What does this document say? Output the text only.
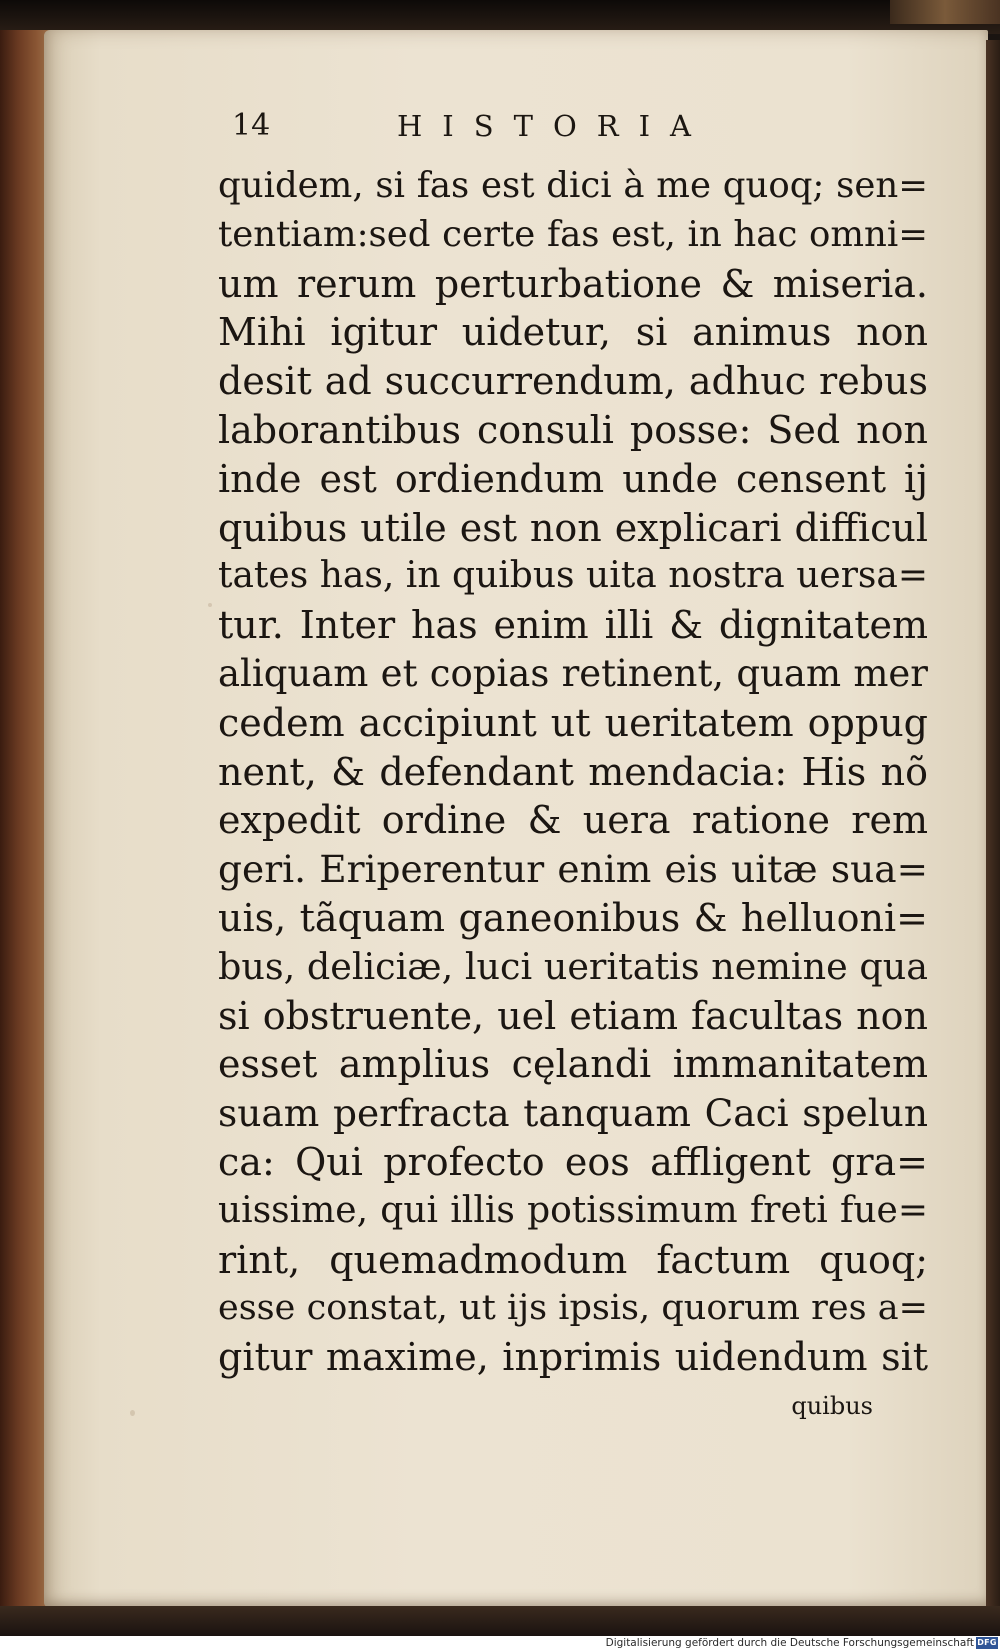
14	HISTORIA
quidem, si fas est dici à me quoq; sen=
tentiam:sed certe fas est, in hac omni=
um rerum perturbatione & miseria.
Mihi igitur uidetur, si animus non
desit ad succurrendum, adhuc rebus
laborantibus consuli posse: Sed non
inde est ordiendum unde censent ij
quibus utile est non explicari difficul
tates has, in quibus uita nostra uersa=
tur. Inter has enim illi & dignitatem
aliquam et copias retinent, quam mer
cedem accipiunt ut ueritatem oppug
nent, & defendant mendacia: His nõ
expedit ordine & uera ratione rem
geri. Eriperentur enim eis uitæ sua=
uis, tãquam ganeonibus & helluoni=
bus, deliciæ, luci ueritatis nemine qua
si obstruente, uel etiam facultas non
esset amplius cęlandi immanitatem
suam perfracta tanquam Caci spelun
ca: Qui profecto eos affligent gra=
uissime, qui illis potissimum freti fue=
rint, quemadmodum factum quoq;
esse constat, ut ijs ipsis, quorum res a=
gitur maxime, inprimis uidendum sit
quibus
Digitalisierung gefördert durch die Deutsche Forschungsgemeinschaft DFG
